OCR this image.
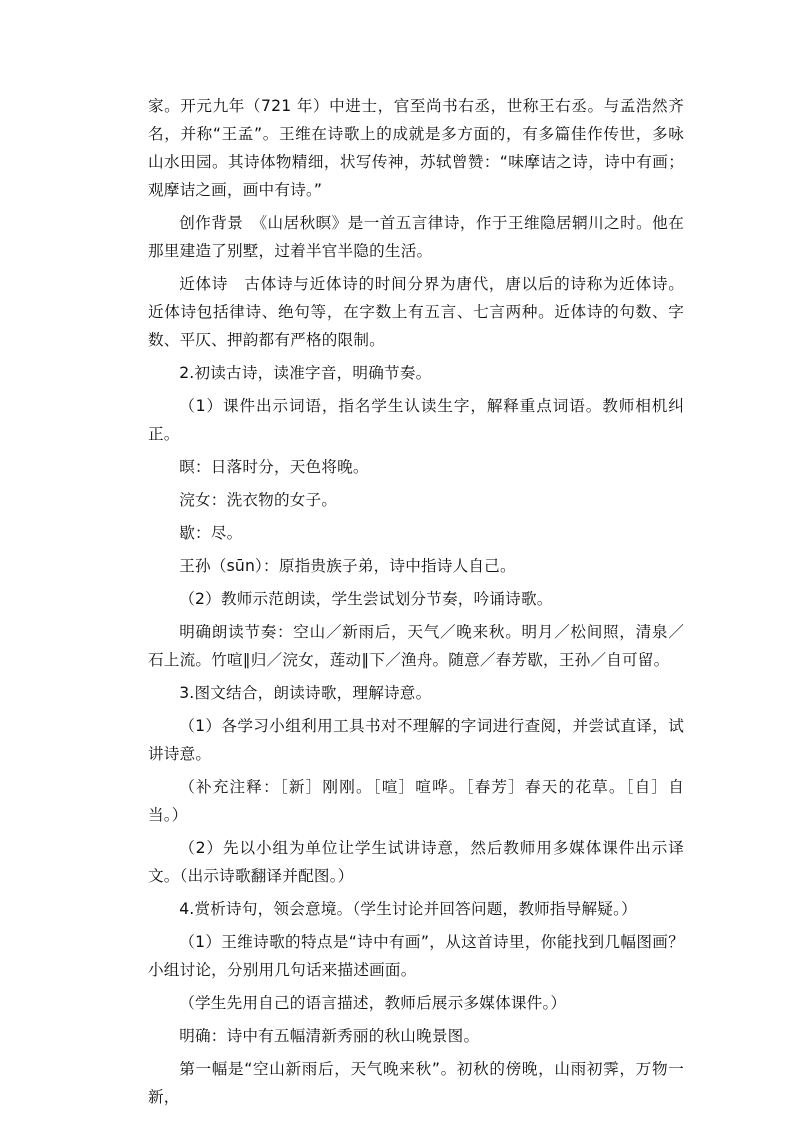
家。开元九年（721 年）中进士，官至尚书右丞，世称王右丞。与孟浩然齐名，并称“王孟”。王维在诗歌上的成就是多方面的，有多篇佳作传世，多咏山水田园。其诗体物精细，状写传神，苏轼曾赞：“味摩诘之诗，诗中有画；观摩诘之画，画中有诗。”

创作背景　《山居秋暝》是一首五言律诗，作于王维隐居辋川之时。他在那里建造了别墅，过着半官半隐的生活。

近体诗　古体诗与近体诗的时间分界为唐代，唐以后的诗称为近体诗。近体诗包括律诗、绝句等，在字数上有五言、七言两种。近体诗的句数、字数、平仄、押韵都有严格的限制。

2.初读古诗，读准字音，明确节奏。

（1）课件出示词语，指名学生认读生字，解释重点词语。教师相机纠正。

暝：日落时分，天色将晚。

浣女：洗衣物的女子。

歇：尽。

王孙（sūn）：原指贵族子弟，诗中指诗人自己。

（2）教师示范朗读，学生尝试划分节奏，吟诵诗歌。

明确朗读节奏：空山／新雨后，天气／晚来秋。明月／松间照，清泉／石上流。竹喧∥归／浣女，莲动∥下／渔舟。随意／春芳歇，王孙／自可留。

3.图文结合，朗读诗歌，理解诗意。

（1）各学习小组利用工具书对不理解的字词进行查阅，并尝试直译，试讲诗意。

（补充注释：［新］刚刚。［喧］喧哗。［春芳］春天的花草。［自］自当。）

（2）先以小组为单位让学生试讲诗意，然后教师用多媒体课件出示译文。（出示诗歌翻译并配图。）

4.赏析诗句，领会意境。（学生讨论并回答问题，教师指导解疑。）

（1）王维诗歌的特点是“诗中有画”，从这首诗里，你能找到几幅图画？小组讨论，分别用几句话来描述画面。

（学生先用自己的语言描述，教师后展示多媒体课件。）

明确：诗中有五幅清新秀丽的秋山晚景图。

第一幅是“空山新雨后，天气晚来秋”。初秋的傍晚，山雨初霁，万物一新，
